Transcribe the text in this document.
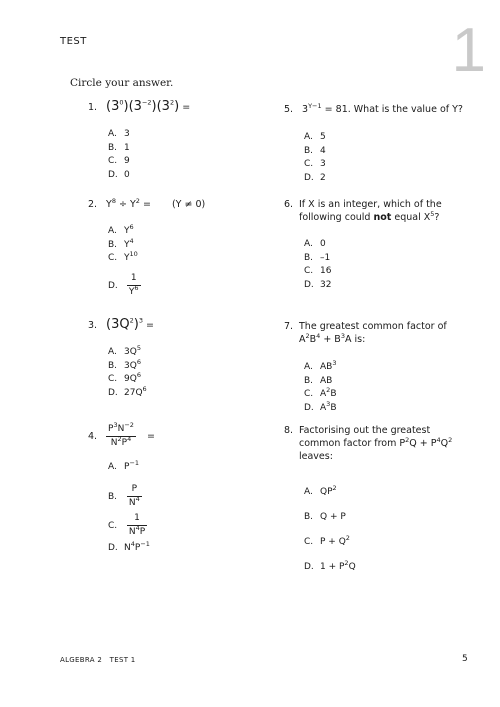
TEST	1
Circle your answer.
1. $(3^0)(3^{-2})(3^2)$ =
A. 3
B. 1
C. 9
D. 0
2. $Y^8 \div Y^2 = (Y \ne 0)$
A. $Y^6$
B. $Y^4$
C. $Y^{10}$
D. $\frac{1}{Y^6}$
3. $(3Q^2)^3$ =
A. $3Q^5$
B. $3Q^6$
C. $9Q^6$
D. $27Q^6$
4. $\frac{P^3N^{-2}}{N^2P^4}$ =
A. $P^{-1}$
B. $\frac{P}{N^4}$
C. $\frac{1}{N^4P}$
D. $N^4P^{-1}$
5. $3^{Y-1} = 81$. What is the value of Y?
A. 5
B. 4
C. 3
D. 2
6. If X is an integer, which of the
following could not equal $X^5$?
A. 0
B. –1
C. 16
D. 32
7. The greatest common factor of
$A^2B^4 + B^3A$ is:
A. $AB^3$
B. AB
C. $A^2B$
D. $A^3B$
8. Factorising out the greatest
common factor from $P^2Q + P^4Q^2$
leaves:
A. $QP^2$
B. Q + P
C. $P + Q^2$
D. $1 + P^2Q$
ALGEBRA 2   TEST 1	5
